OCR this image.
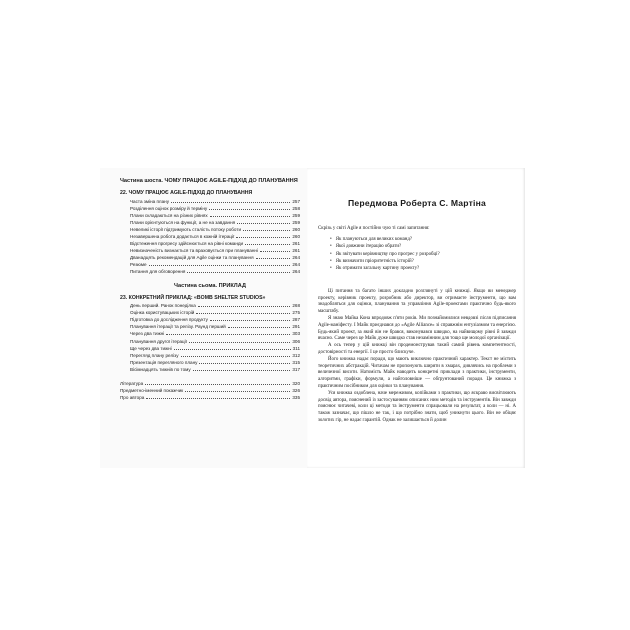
Частина шоста. ЧОМУ ПРАЦЮЄ AGILE-ПІДХІД ДО ПЛАНУВАННЯ
22. ЧОМУ ПРАЦЮЄ AGILE-ПІДХІД ДО ПЛАНУВАННЯ
Часта зміна плану	257
Розділення оцінок розміру й терміну	258
Плани складаються на різних рівнях	259
Плани орієнтуються на функції, а не на завдання	259
Невеликі історії підтримують сталість потоку роботи	260
Незавершена робота додається в кожній ітерації	260
Відстеження прогресу здійснюється на рівні команди	261
Невизначеність визнається та враховується при плануванні	261
Дванадцять рекомендацій для Agile оцінки та планування	264
Резюме	264
Питання для обговорення	264
Частина сьома. ПРИКЛАД
23. КОНКРЕТНИЙ ПРИКЛАД: «BOMB SHELTER STUDIOS»
День перший. Ранок понеділка	268
Оцінка користувацьких історій	275
Підготовка до дослідження продукту	287
Планування ітерації та релізу. Раунд перший	291
Через два тижні	303
Планування другої ітерації	306
Ще через два тижні	311
Перегляд плану релізу	312
Презентація перегляного плану	315
Вісімнадцять тижнів по тому	317
Література	320
Предметно-іменний покажчик	326
Про автора	335
Передмова Роберта С. Мартіна

Скрізь у світі Agile я постійно чую ті самі запитання:

• Як плануються для великих команд?
• Якої довжини ітерацію обрати?
• Як звітувати керівництву про прогрес у розробці?
• Як визначити пріоритетність історій?
• Як отримати загальну картину проекту?

Ці питання та багато інших докладно розглянуті у цій книжці. Якщо ви менеджер проекту, керівник проекту, розробник або директор, ви отримаєте інструменти, що вам знадобляться для оцінки, планування та управління Agile-проектами практично будь-якого масштабу.

Я знаю Майка Кона впродовж п'яти років. Ми познайомилися невдовзі після підписання Agile-маніфесту. І Майк приєднався до «Agile Alliance» зі справжнім ентузіазмом та енергією. Будь-який проект, за який він не брався, виконувався швидко, на найвищому рівні й завжди вчасно. Саме через це Майк дуже швидко став незамінним для тощо ще молодої організації.

А ось тепер у цій книжці він продемонстрував такий самий рівень компетентності, достовірності та енергії. І це просто блискуче.

Його книжка надає поради, що мають виключно практичний характер. Текст не містить теоретичних абстракцій. Читачам не пропонують ширяти в хмарах, дивлячись на проблеми з величезної висоти. Натомість Майк наводить конкретні приклади з практики, інструменти, алгоритми, графіки, формули, а найголовніше — обґрунтований поради. Це книжка з практичним посібником для оцінки та планування.

Уся книжка оздоблена, наче мереживом, копійками з практики, що яскраво висвітлюють досвід автора, пояснений із застосуванням описаних ним методів та інструментів. Він завжди пояснює читачеві, коли ці методи та інструменти спрацьовали на результат, а коли — ні. А також зазначає, що пішло не так, і що потрібно знати, щоб уникнути цього. Він не обіцяє золотих гір, не надає гарантій. Однак не залишається й долин
